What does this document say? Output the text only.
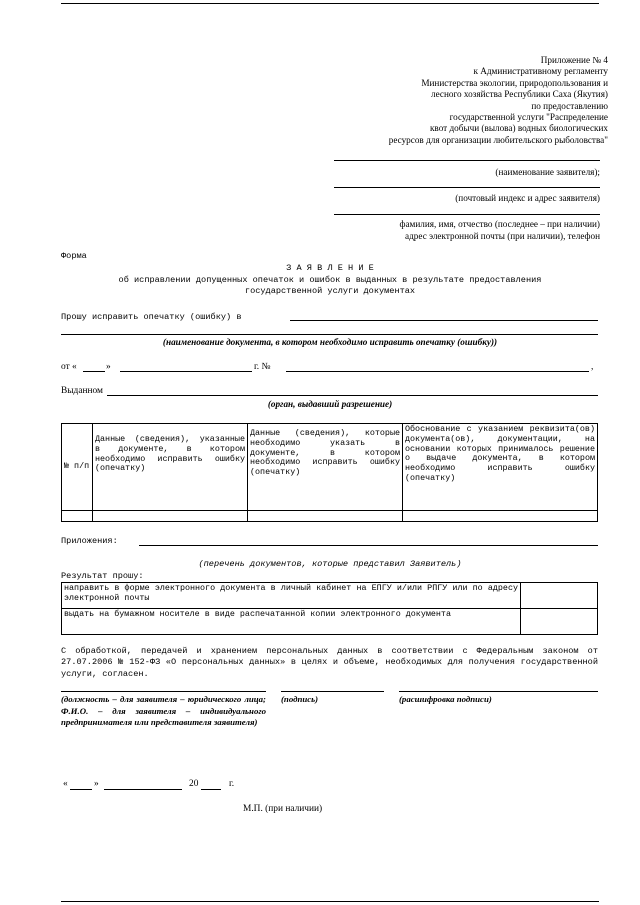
Приложение № 4
к Административному регламенту
Министерства экологии, природопользования и
лесного хозяйства Республики Саха (Якутия)
по предоставлению
государственной услуги "Распределение
квот добычи (вылова) водных биологических
ресурсов для организации любительского рыболовства"
(наименование заявителя);
(почтовый индекс и адрес заявителя)
фамилия, имя, отчество (последнее – при наличии)
адрес электронной почты (при наличии), телефон
Форма
З А Я В Л Е Н И Е
об исправлении допущенных опечаток и ошибок в выданных в результате предоставления
государственной услуги документах
Прошу исправить опечатку (ошибку) в
(наименование документа, в котором необходимо исправить опечатку (ошибку))
от «	»	г. №	,
Выданном
(орган, выдавший разрешение)
№ п/п	Данные (сведения), указанные в документе, в котором необходимо исправить ошибку (опечатку)	Данные (сведения), которые необходимо указать в документе, в котором необходимо исправить ошибку (опечатку)	Обоснование с указанием реквизита(ов) документа(ов), документации, на основании которых принималось решение о выдаче документа, в котором необходимо исправить ошибку (опечатку)

Приложения:
(перечень документов, которые представил Заявитель)
Результат прошу:
направить в форме электронного документа в личный кабинет на ЕПГУ и/или РПГУ или по адресу электронной почты	

выдать на бумажном носителе в виде распечатанной копии электронного документа	

С обработкой, передачей и хранением персональных данных в соответствии с Федеральным законом от 27.07.2006 № 152-ФЗ «О персональных данных» в целях и объеме, необходимых для получения государственной услуги, согласен.
(должность – для заявителя – юридического лица; Ф.И.О. – для заявителя – индивидуального предпринимателя или представителя заявителя)
(подпись)	(расшифровка подписи)
«	»	20	г.
М.П. (при наличии)
